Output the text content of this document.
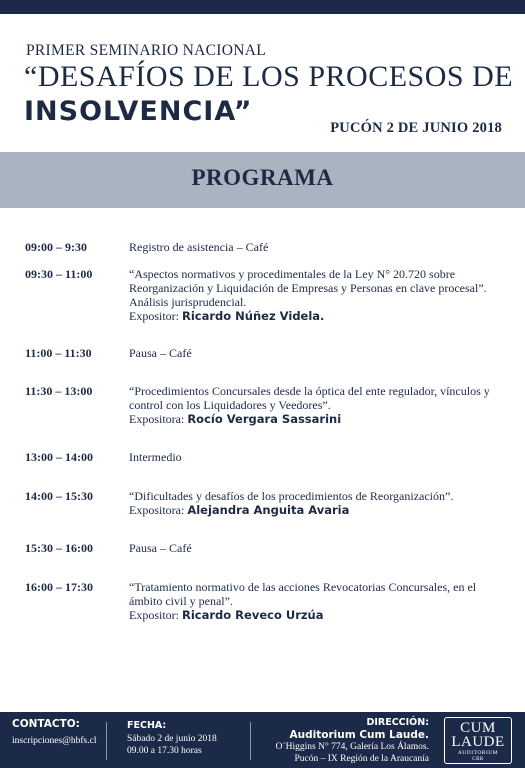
PRIMER SEMINARIO NACIONAL
“DESAFÍOS DE LOS PROCESOS DE
INSOLVENCIA”
PUCÓN 2 DE JUNIO 2018
PROGRAMA
09:00 – 9:30	Registro de asistencia – Café
09:30 – 11:00	“Aspectos normativos y procedimentales de la Ley N° 20.720 sobre
Reorganización y Liquidación de Empresas y Personas en clave procesal”.
Análisis jurisprudencial.
Expositor: Ricardo Núñez Videla.
11:00 – 11:30	Pausa – Café
11:30 – 13:00	“Procedimientos Concursales desde la óptica del ente regulador, vínculos y
control con los Liquidadores y Veedores”.
Expositora: Rocío Vergara Sassarini
13:00 – 14:00	Intermedio
14:00 – 15:30	“Dificultades y desafíos de los procedimientos de Reorganización”.
Expositora: Alejandra Anguita Avaria
15:30 – 16:00	Pausa – Café
16:00 – 17:30	“Tratamiento normativo de las acciones Revocatorias Concursales, en el
ámbito civil y penal”.
Expositor: Ricardo Reveco Urzúa
CONTACTO:
inscripciones@hbfs.cl
FECHA:
Sábado 2 de junio 2018
09.00 a 17.30 horas
DIRECCIÓN:
Auditorium Cum Laude.
O´Higgins N° 774, Galería Los Álamos.
Pucón – IX Región de la Araucanía
CUM
LAUDE
AUDITORIUM
CBR
